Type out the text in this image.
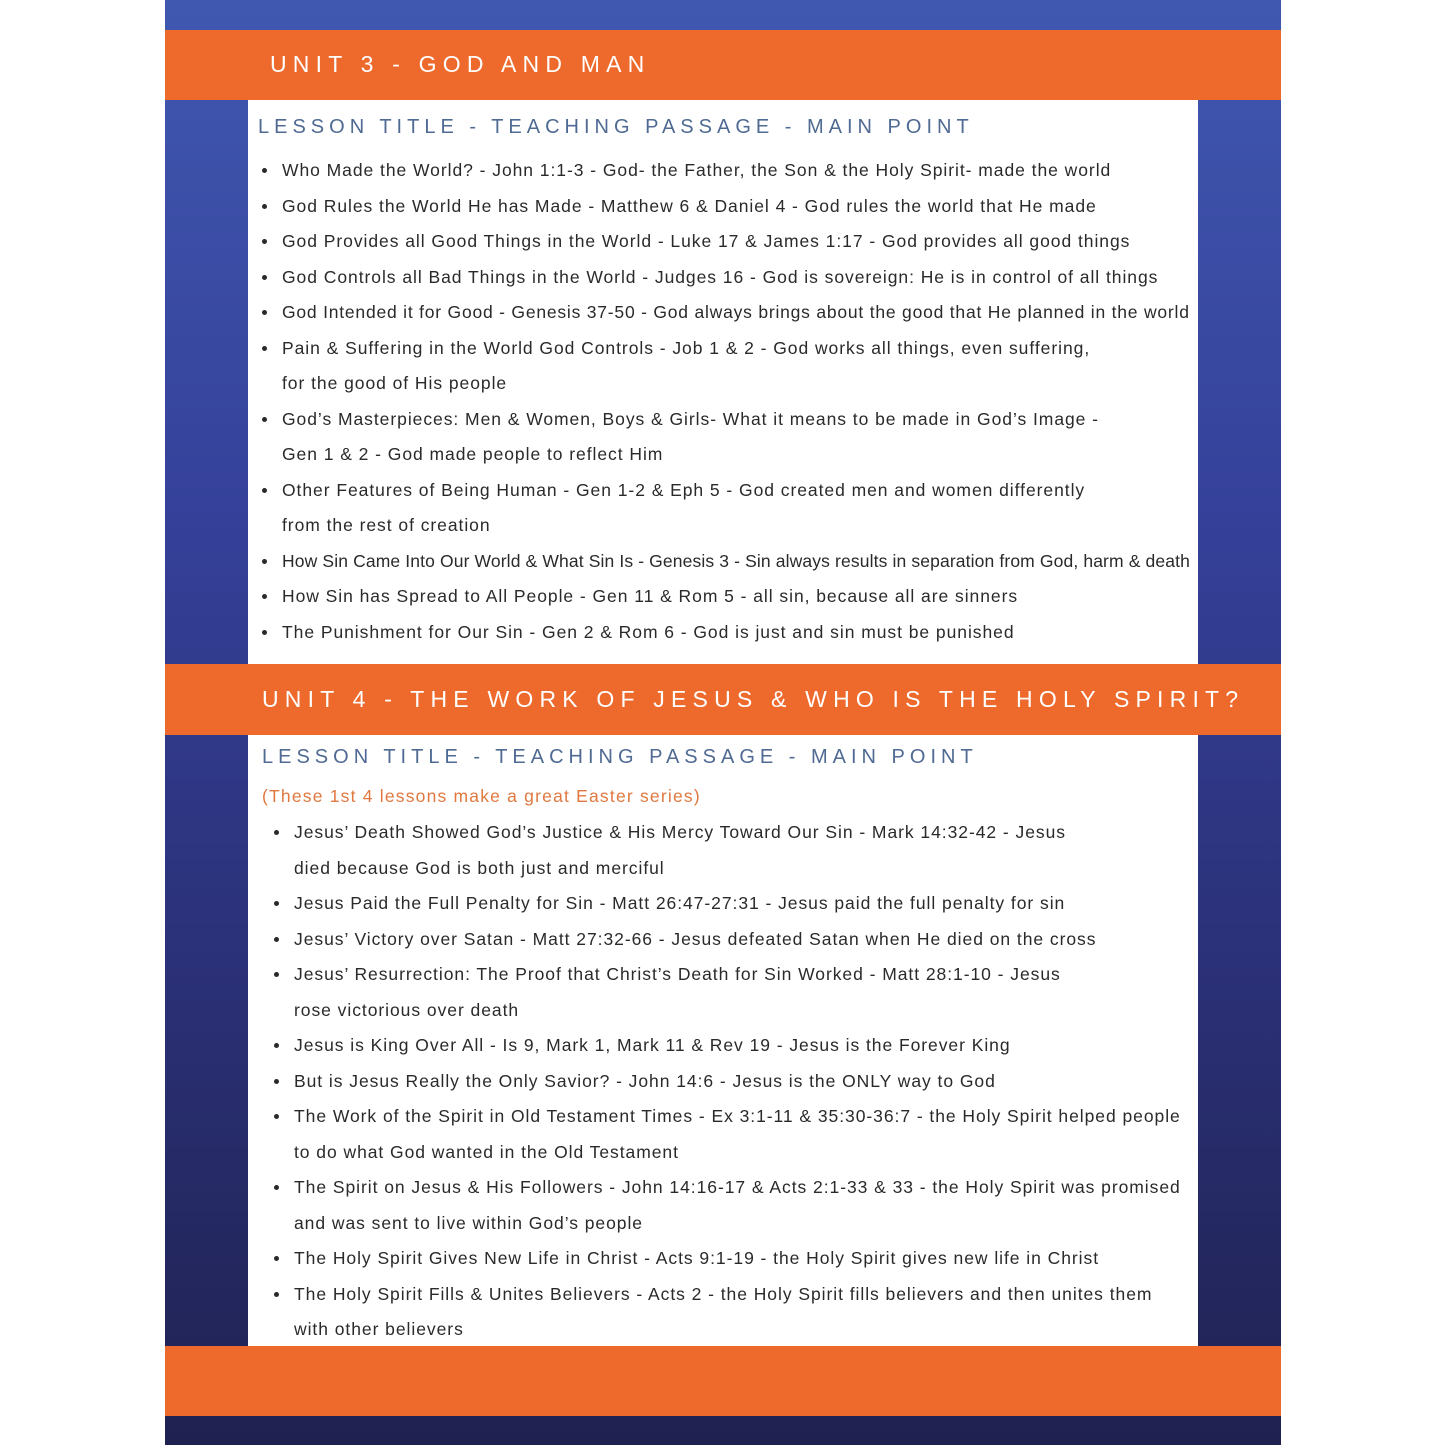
UNIT 3 - GOD AND MAN
LESSON TITLE - TEACHING PASSAGE - MAIN POINT
Who Made the World? - John 1:1-3 - God- the Father, the Son & the Holy Spirit- made the world
God Rules the World He has Made - Matthew 6 & Daniel 4 - God rules the world that He made
God Provides all Good Things in the World - Luke 17 & James 1:17 - God provides all good things
God Controls all Bad Things in the World - Judges 16 - God is sovereign: He is in control of all things
God Intended it for Good - Genesis 37-50 - God always brings about the good that He planned in the world
Pain & Suffering in the World God Controls - Job 1 & 2 - God works all things, even suffering,
for the good of His people
God’s Masterpieces: Men & Women, Boys & Girls- What it means to be made in God’s Image -
Gen 1 & 2 - God made people to reflect Him
Other Features of Being Human - Gen 1-2 & Eph 5 - God created men and women differently
from the rest of creation
How Sin Came Into Our World & What Sin Is - Genesis 3 - Sin always results in separation from God, harm & death
How Sin has Spread to All People - Gen 11 & Rom 5 - all sin, because all are sinners
The Punishment for Our Sin - Gen 2 & Rom 6 - God is just and sin must be punished
UNIT 4 - THE WORK OF JESUS & WHO IS THE HOLY SPIRIT?
LESSON TITLE - TEACHING PASSAGE - MAIN POINT
(These 1st 4 lessons make a great Easter series)
Jesus’ Death Showed God’s Justice & His Mercy Toward Our Sin - Mark 14:32-42 - Jesus
died because God is both just and merciful
Jesus Paid the Full Penalty for Sin - Matt 26:47-27:31 - Jesus paid the full penalty for sin
Jesus’ Victory over Satan - Matt 27:32-66 - Jesus defeated Satan when He died on the cross
Jesus’ Resurrection: The Proof that Christ’s Death for Sin Worked - Matt 28:1-10 - Jesus
rose victorious over death
Jesus is King Over All - Is 9, Mark 1, Mark 11 & Rev 19 - Jesus is the Forever King
But is Jesus Really the Only Savior? - John 14:6 - Jesus is the ONLY way to God
The Work of the Spirit in Old Testament Times - Ex 3:1-11 & 35:30-36:7 - the Holy Spirit helped people
to do what God wanted in the Old Testament
The Spirit on Jesus & His Followers - John 14:16-17 & Acts 2:1-33 & 33 - the Holy Spirit was promised
and was sent to live within God’s people
The Holy Spirit Gives New Life in Christ - Acts 9:1-19 - the Holy Spirit gives new life in Christ
The Holy Spirit Fills & Unites Believers - Acts 2 - the Holy Spirit fills believers and then unites them
with other believers
